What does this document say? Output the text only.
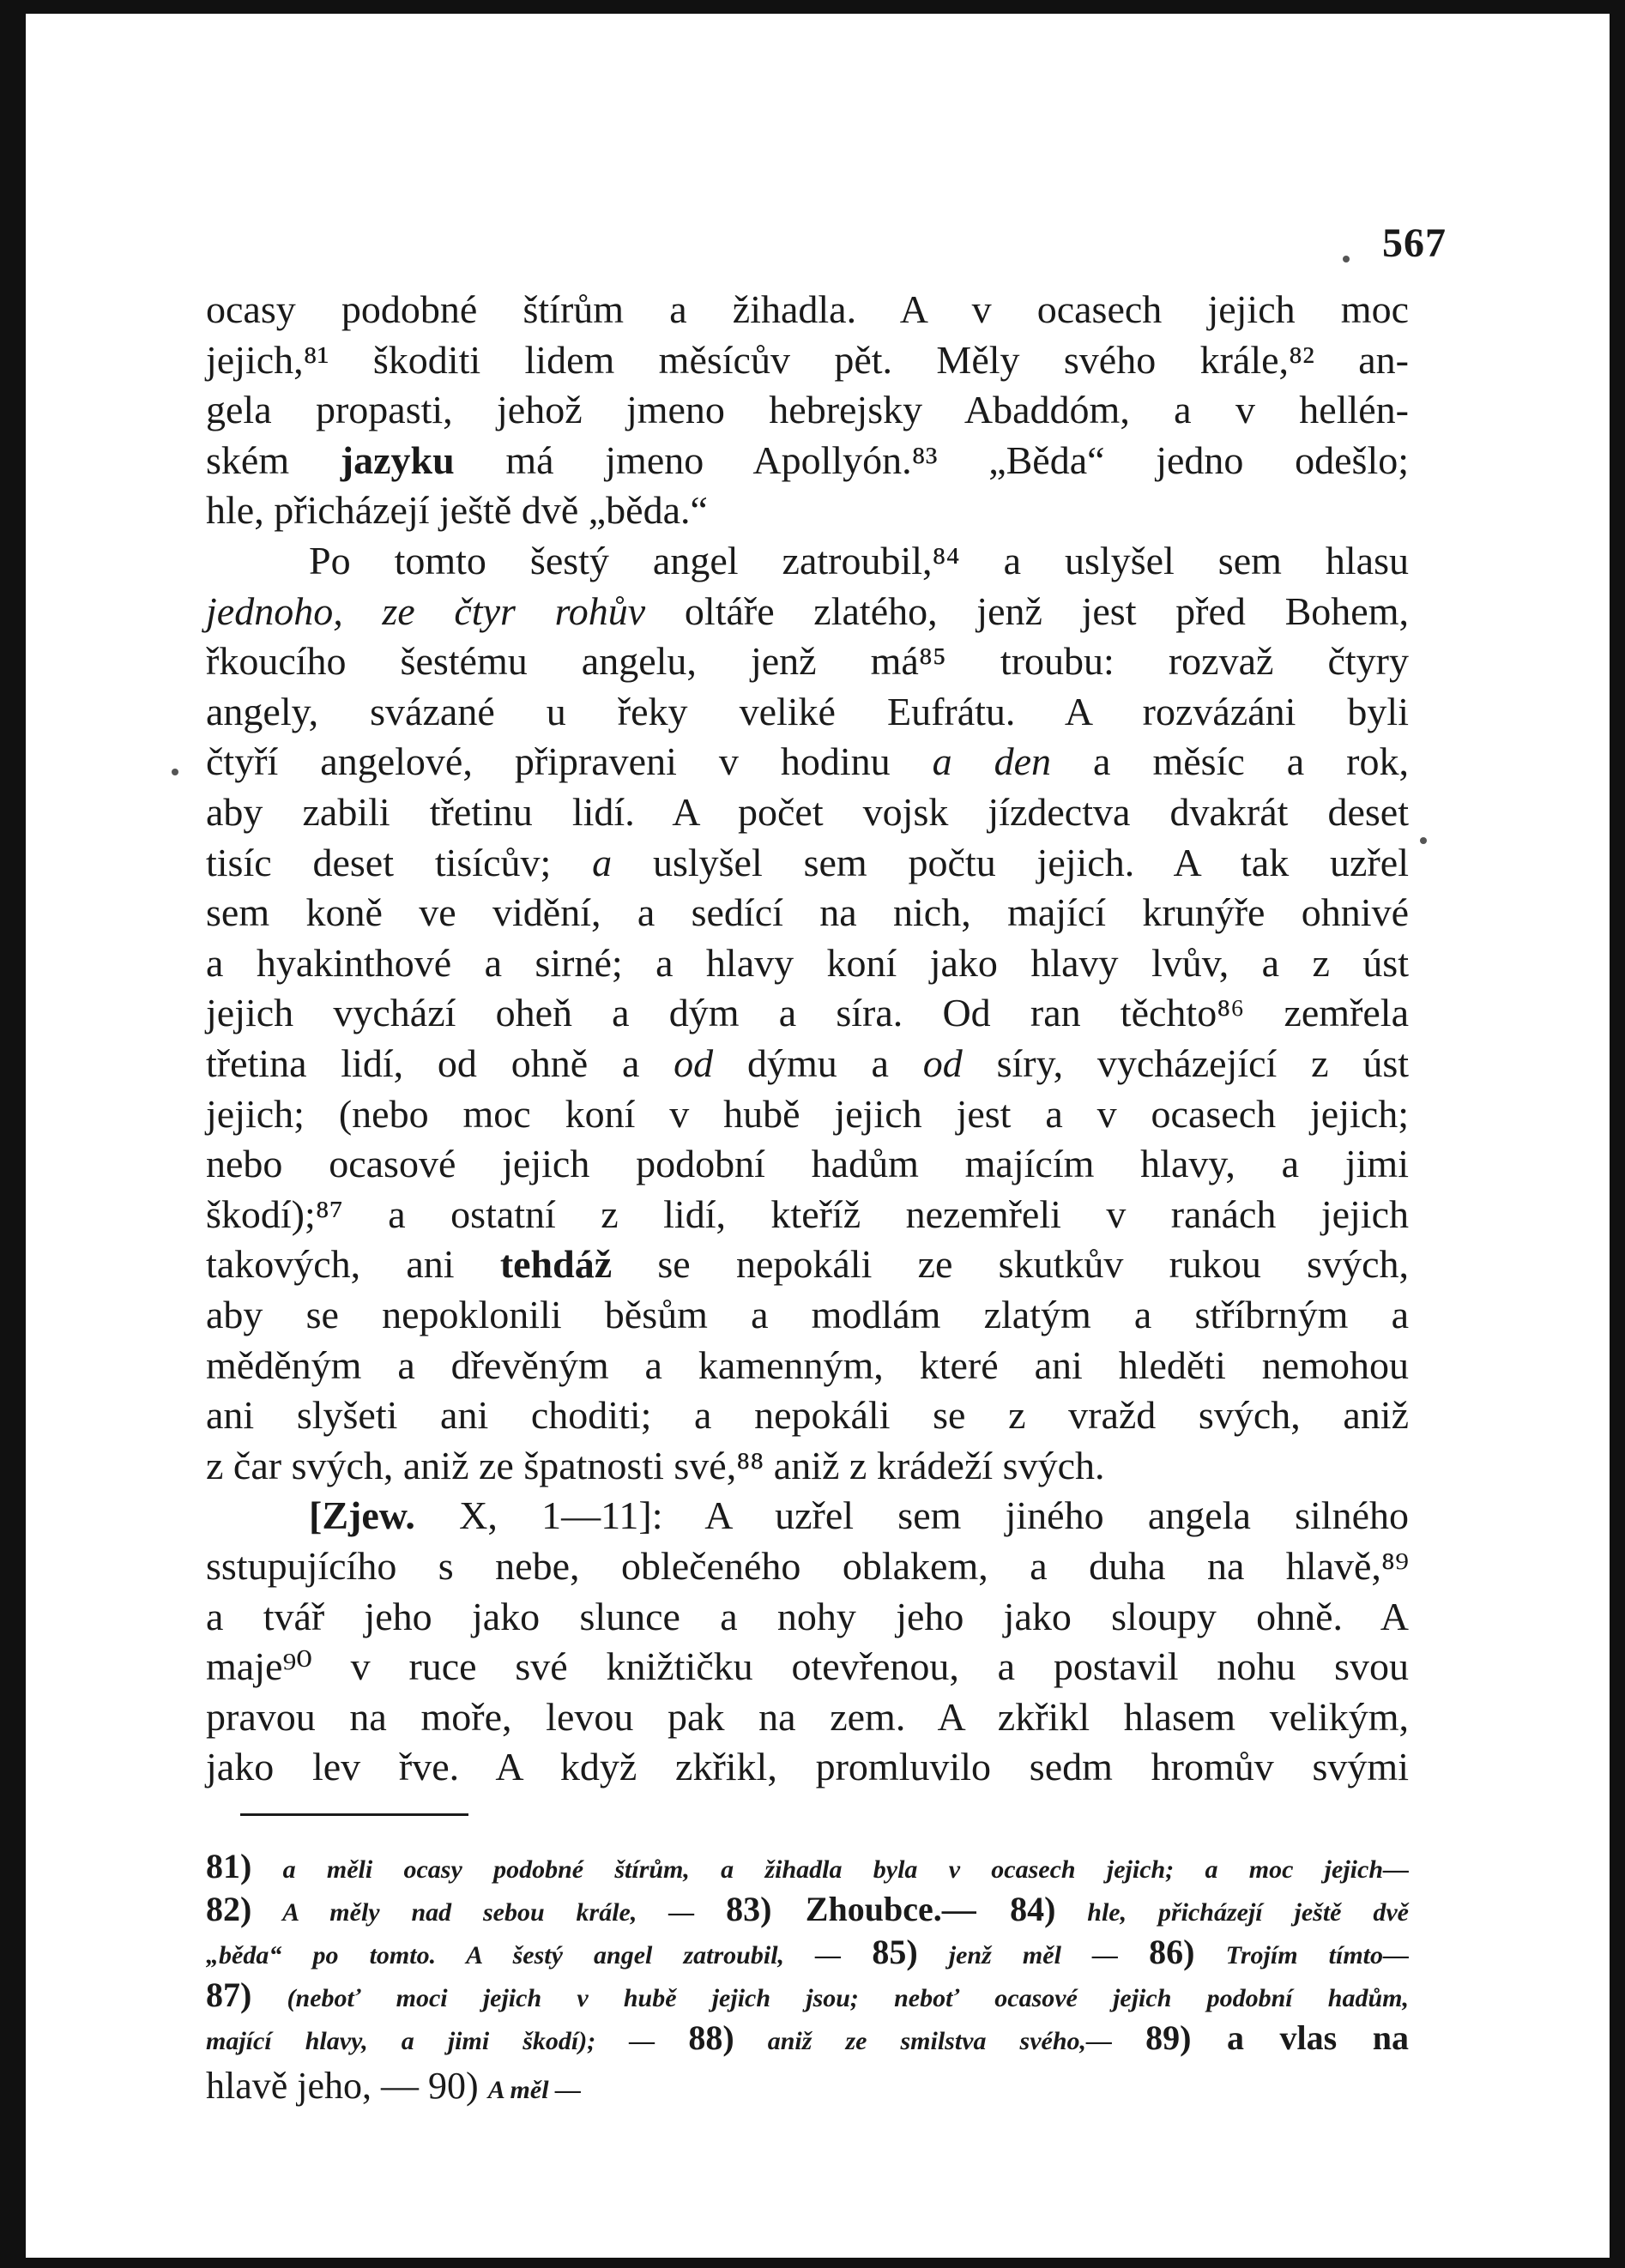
567
ocasy podobné štírům a žihadla. A v ocasech jejich moc
jejich,⁸¹ škoditi lidem měsícův pět. Měly svého krále,⁸² an-
gela propasti, jehož jmeno hebrejsky Abaddóm, a v hellén-
ském jazyku má jmeno Apollyón.⁸³ „Běda“ jedno odešlo;
hle, přicházejí ještě dvě „běda.“
Po tomto šestý angel zatroubil,⁸⁴ a uslyšel sem hlasu
jednoho, ze čtyr rohův oltáře zlatého, jenž jest před Bohem,
řkoucího šestému angelu, jenž má⁸⁵ troubu: rozvaž čtyry
angely, svázané u řeky veliké Eufrátu. A rozvázáni byli
čtyří angelové, připraveni v hodinu a den a měsíc a rok,
aby zabili třetinu lidí. A počet vojsk jízdectva dvakrát deset
tisíc deset tisícův; a uslyšel sem počtu jejich. A tak uzřel
sem koně ve vidění, a sedící na nich, mající krunýře ohnivé
a hyakinthové a sirné; a hlavy koní jako hlavy lvův, a z úst
jejich vychází oheň a dým a síra. Od ran těchto⁸⁶ zemřela
třetina lidí, od ohně a od dýmu a od síry, vycházející z úst
jejich; (nebo moc koní v hubě jejich jest a v ocasech jejich;
nebo ocasové jejich podobní hadům majícím hlavy, a jimi
škodí);⁸⁷ a ostatní z lidí, kteříž nezemřeli v ranách jejich
takových, ani tehdáž se nepokáli ze skutkův rukou svých,
aby se nepoklonili běsům a modlám zlatým a stříbrným a
měděným a dřevěným a kamenným, které ani hleděti nemohou
ani slyšeti ani choditi; a nepokáli se z vražd svých, aniž
z čar svých, aniž ze špatnosti své,⁸⁸ aniž z krádeží svých.
[Zjew. X, 1—11]: A uzřel sem jiného angela silného
sstupujícího s nebe, oblečeného oblakem, a duha na hlavě,⁸⁹
a tvář jeho jako slunce a nohy jeho jako sloupy ohně. A
maje⁹⁰ v ruce své knižtičku otevřenou, a postavil nohu svou
pravou na moře, levou pak na zem. A zkřikl hlasem velikým,
jako lev řve. A když zkřikl, promluvilo sedm hromův svými
81) a měli ocasy podobné štírům, a žihadla byla v ocasech jejich; a moc jejich—
82) A měly nad sebou krále, — 83) Zhoubce.— 84) hle, přicházejí ještě dvě
„běda“ po tomto. A šestý angel zatroubil, — 85) jenž měl — 86) Trojím tímto—
87) (neboť moci jejich v hubě jejich jsou; neboť ocasové jejich podobní hadům,
mající hlavy, a jimi škodí); — 88) aniž ze smilstva svého,— 89) a vlas na
hlavě jeho, — 90) A měl —
